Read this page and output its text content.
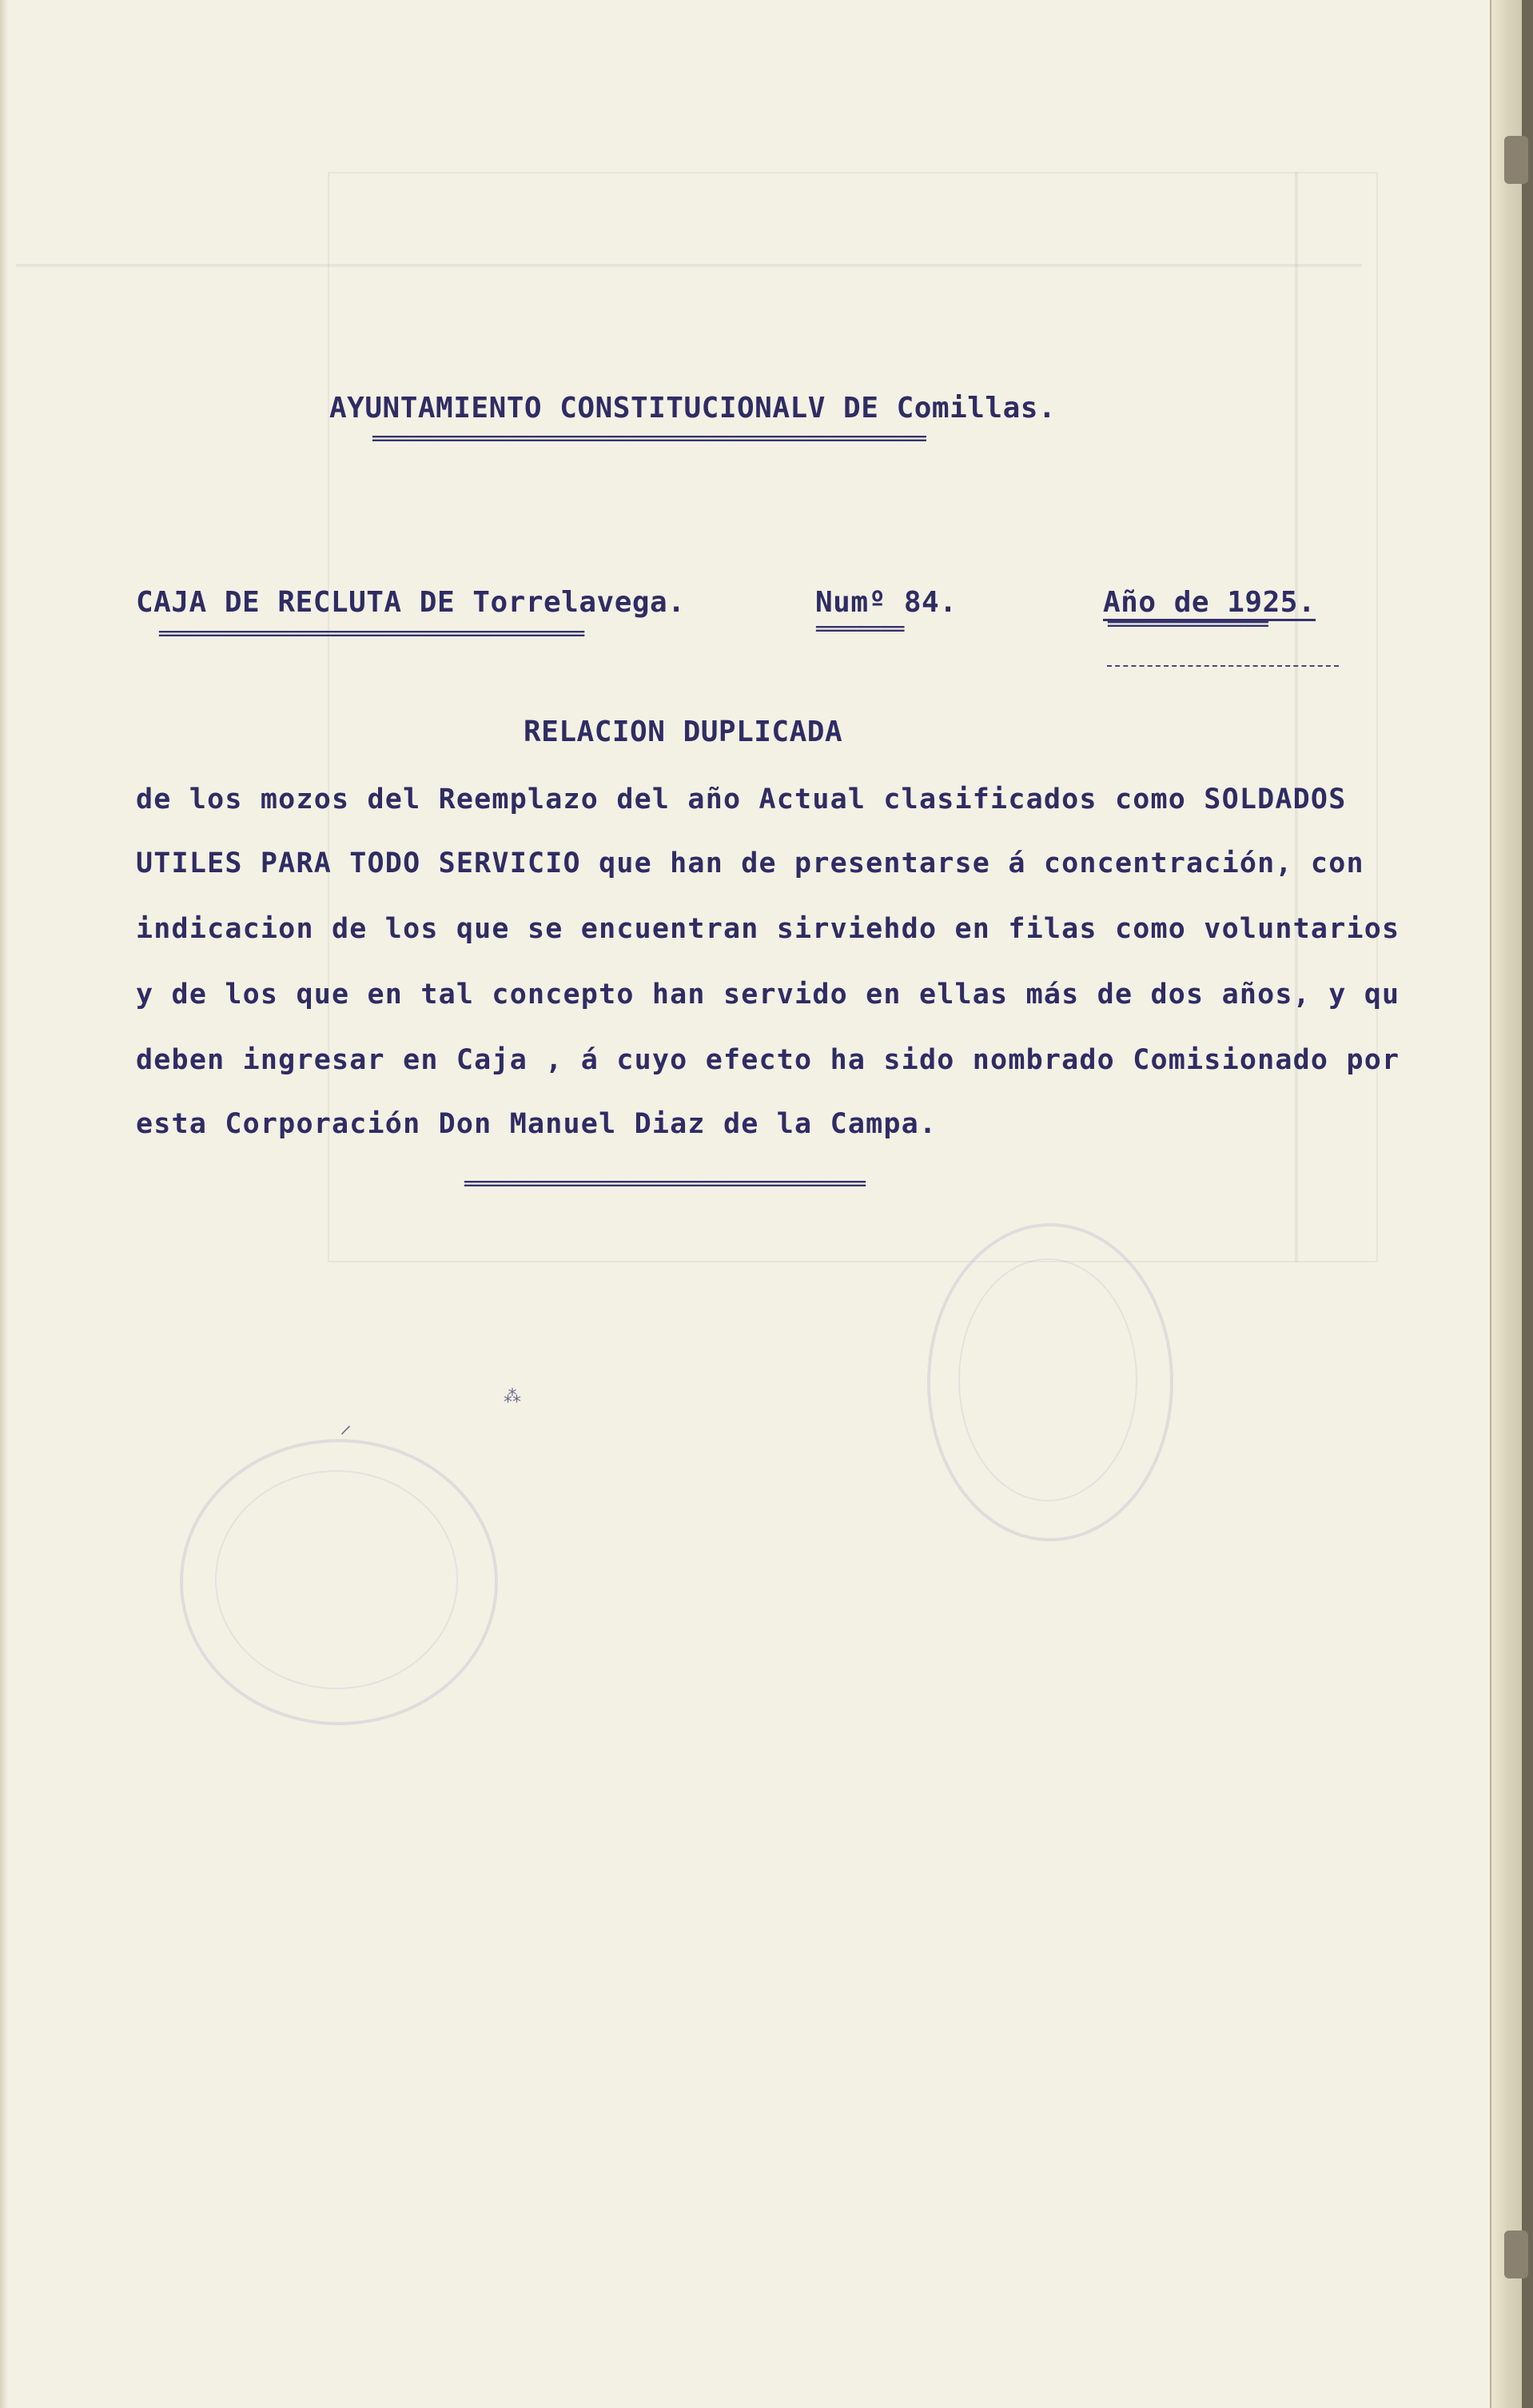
⸝
⁂
AYUNTAMIENTO CONSTITUCIONALV DE Comillas.
=====================================================================
CAJA DE RECLUTA DE Torrelavega.	Numº 84.	Año de 1925.
=====================================================	===========	====================
RELACION DUPLICADA
de los mozos del Reemplazo del año Actual clasificados como SOLDADOS
UTILES PARA TODO SERVICIO que han de presentarse á concentración, con
indicacion de los que se encuentran sirviehdo en filas como voluntarios
y de los que en tal concepto han servido en ellas más de dos años, y qu
deben ingresar en Caja , á cuyo efecto ha sido nombrado Comisionado por
esta Corporación Don Manuel Diaz de la Campa.
==================================================
